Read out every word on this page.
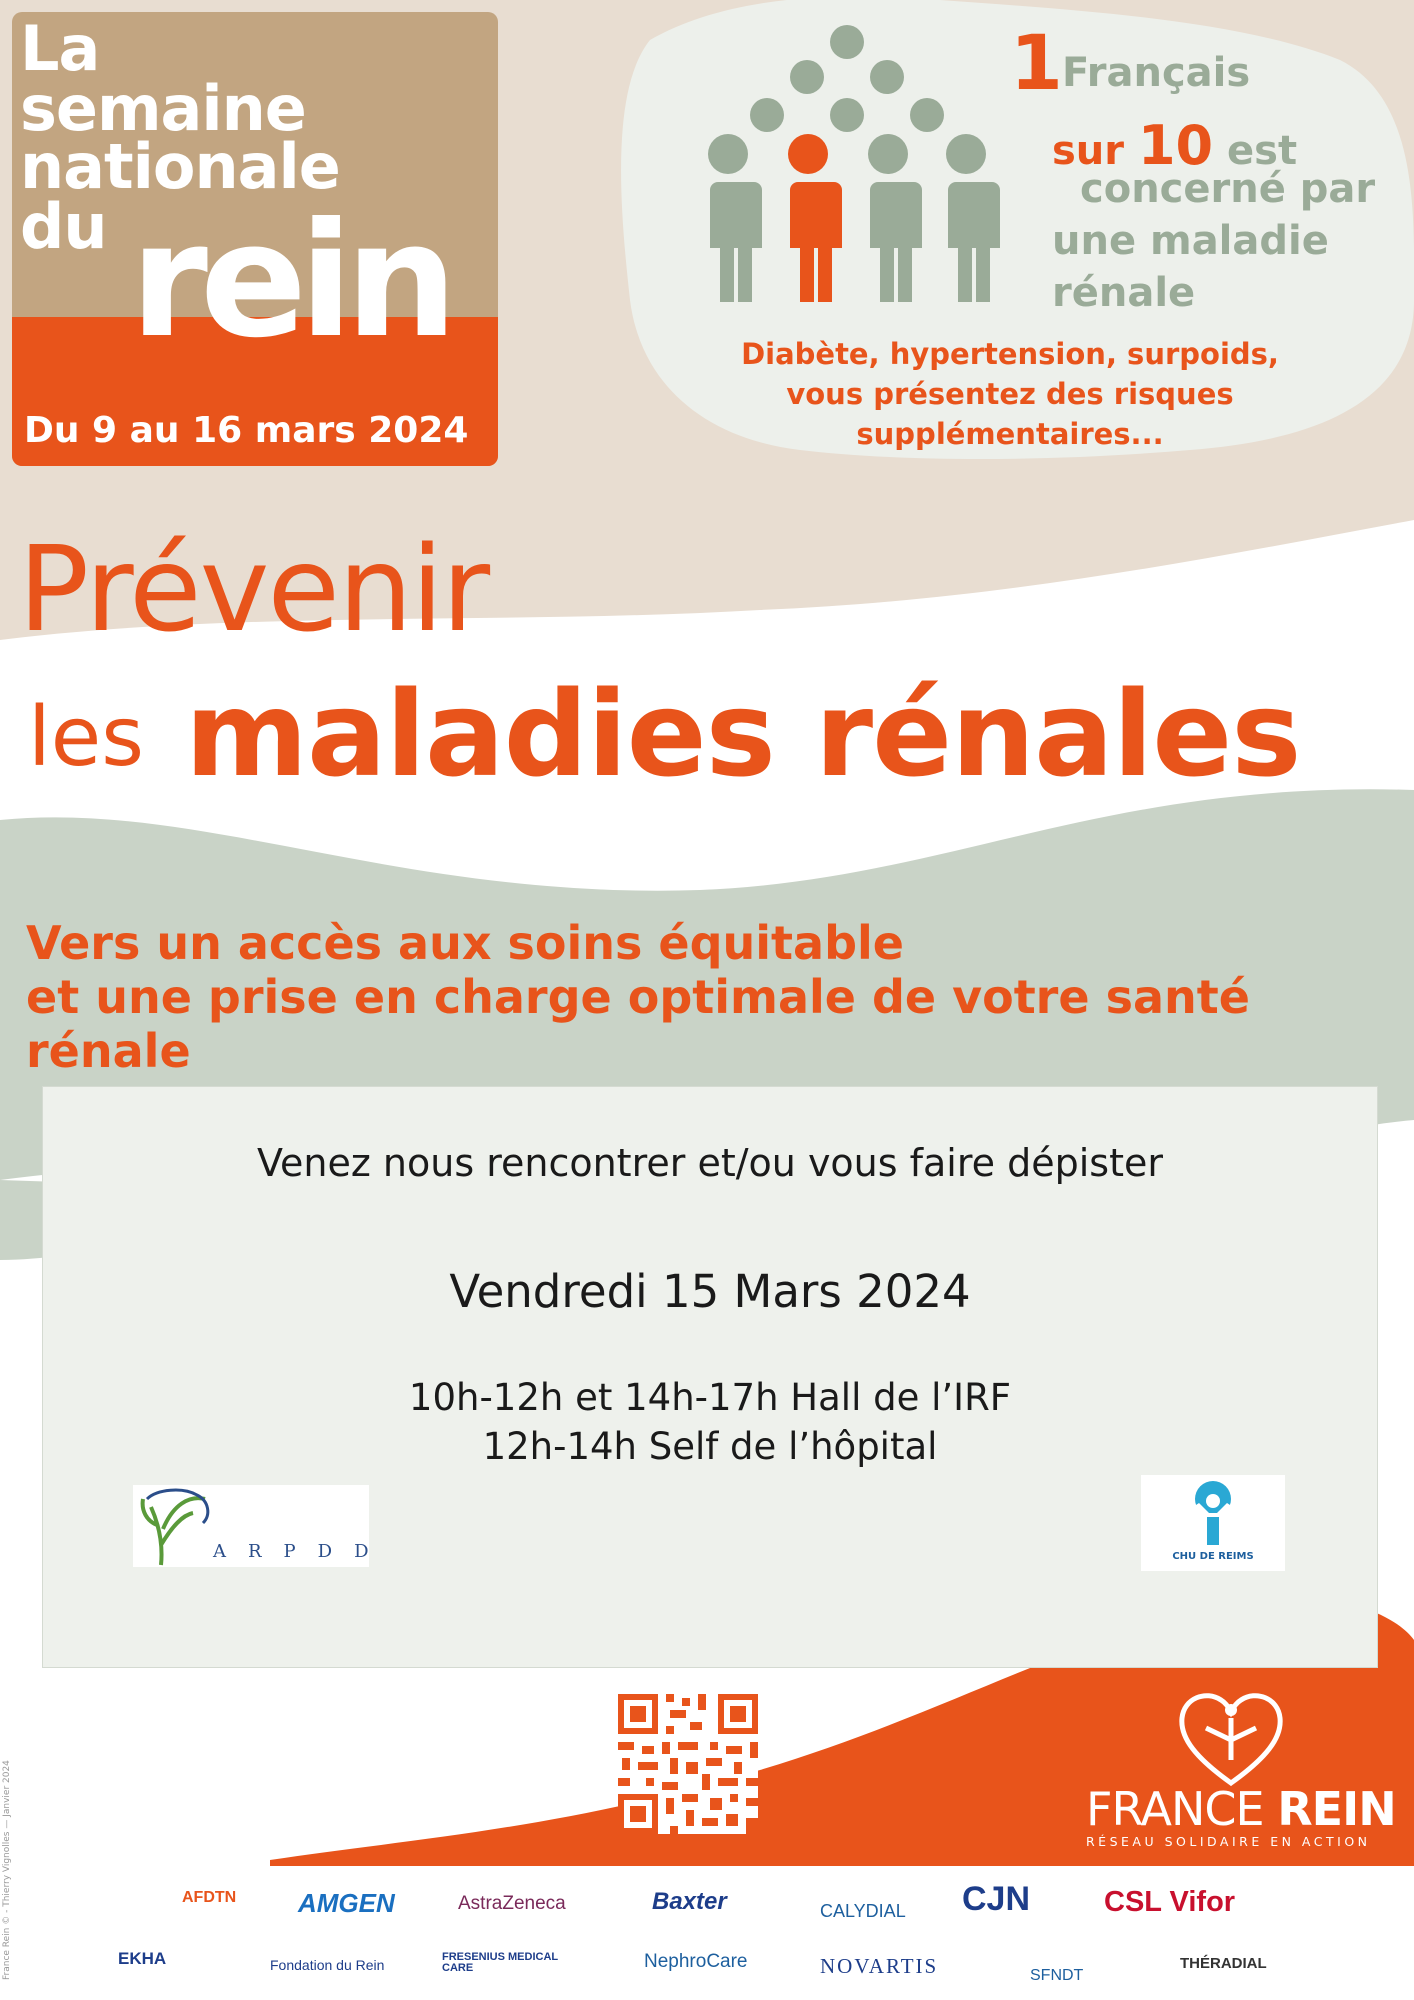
La
semaine
nationale
du rein
Du 9 au 16 mars 2024
1 Français
sur 10 est
concerné par
une maladie
rénale
Diabète, hypertension, surpoids,
vous présentez des risques
supplémentaires...
Prévenir
les maladies rénales
Vers un accès aux soins équitable
et une prise en charge optimale de votre santé rénale
Venez nous rencontrer et/ou vous faire dépister
Vendredi 15 Mars 2024
10h-12h et 14h-17h Hall de l’IRF
12h-14h Self de l’hôpital
ARPDD	CHU DE REIMS
FRANCE REIN
RÉSEAU SOLIDAIRE EN ACTION
AFDTN AMGEN	AstraZeneca	Baxter	CALYDIAL CJN	CSL Vifor
EKHA	Fondation du Rein	FRESENIUS MEDICAL CARE	NephroCare	NOVARTIS	SFNDT
THÉRADIAL
France Rein © - Thierry Vignolles — Janvier 2024
